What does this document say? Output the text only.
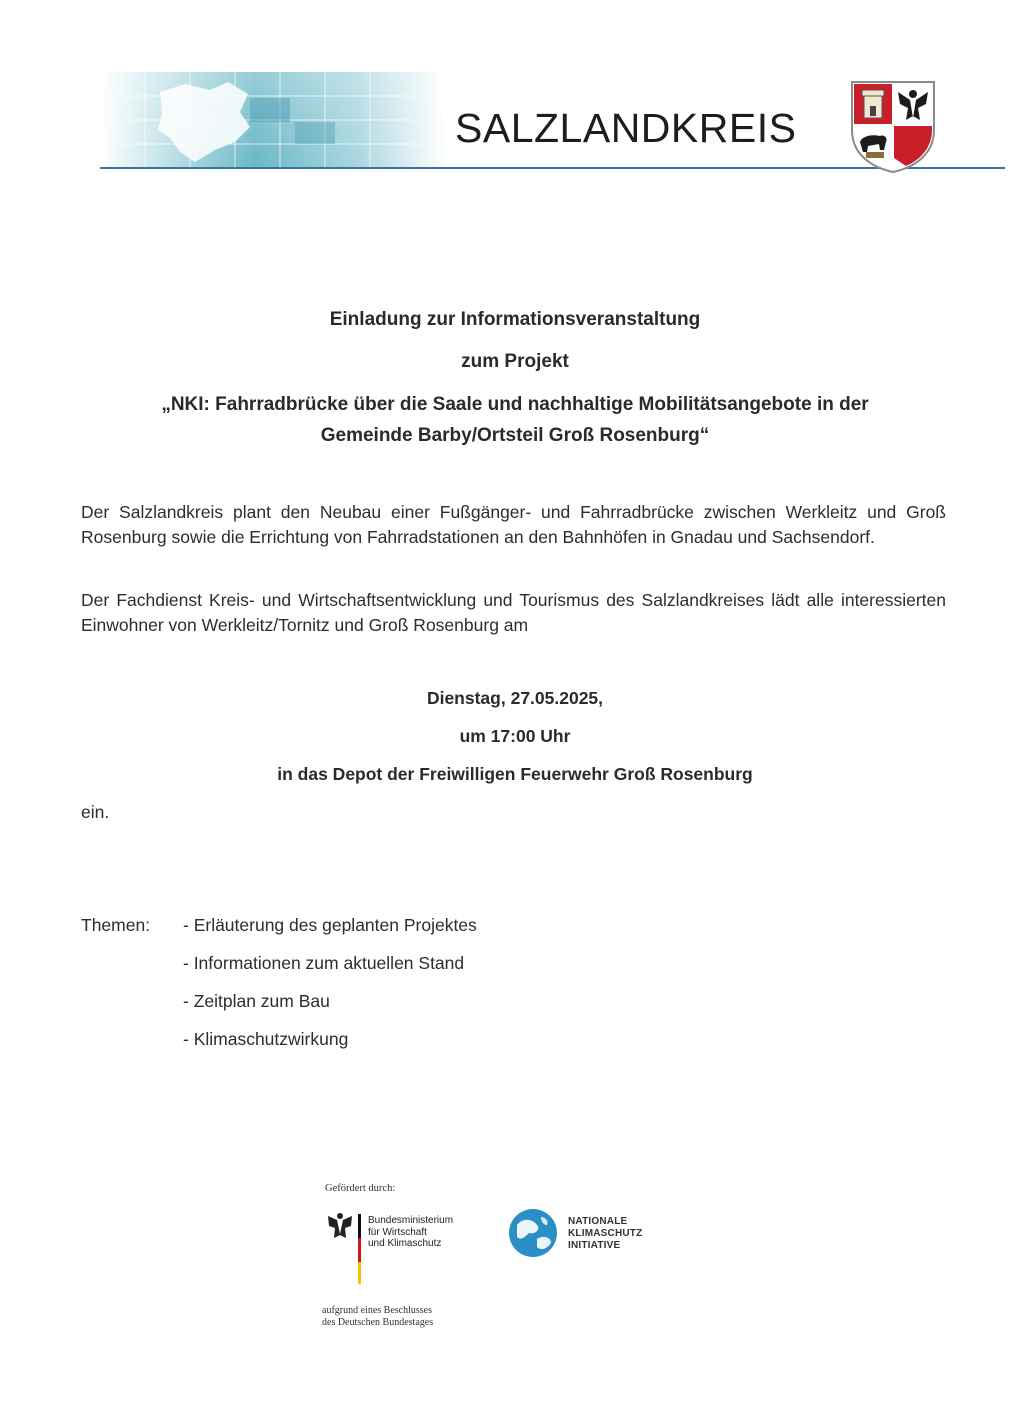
SALZLANDKREIS
Einladung zur Informationsveranstaltung
zum Projekt
„NKI: Fahrradbrücke über die Saale und nachhaltige Mobilitätsangebote in der
Gemeinde Barby/Ortsteil Groß Rosenburg“
Der Salzlandkreis plant den Neubau einer Fußgänger- und Fahrradbrücke zwischen Werkleitz und Groß Rosenburg sowie die Errichtung von Fahrradstationen an den Bahnhöfen in Gnadau und Sachsendorf.
Der Fachdienst Kreis- und Wirtschaftsentwicklung und Tourismus des Salzlandkreises lädt alle interessierten Einwohner von Werkleitz/Tornitz und Groß Rosenburg am
Dienstag, 27.05.2025,
um 17:00 Uhr
in das Depot der Freiwilligen Feuerwehr Groß Rosenburg
ein.
Themen: - Erläuterung des geplanten Projektes
- Informationen zum aktuellen Stand
- Zeitplan zum Bau
- Klimaschutzwirkung
Gefördert durch:
Bundesministerium
für Wirtschaft
und Klimaschutz
NATIONALE
KLIMASCHUTZ
INITIATIVE
aufgrund eines Beschlusses
des Deutschen Bundestages
